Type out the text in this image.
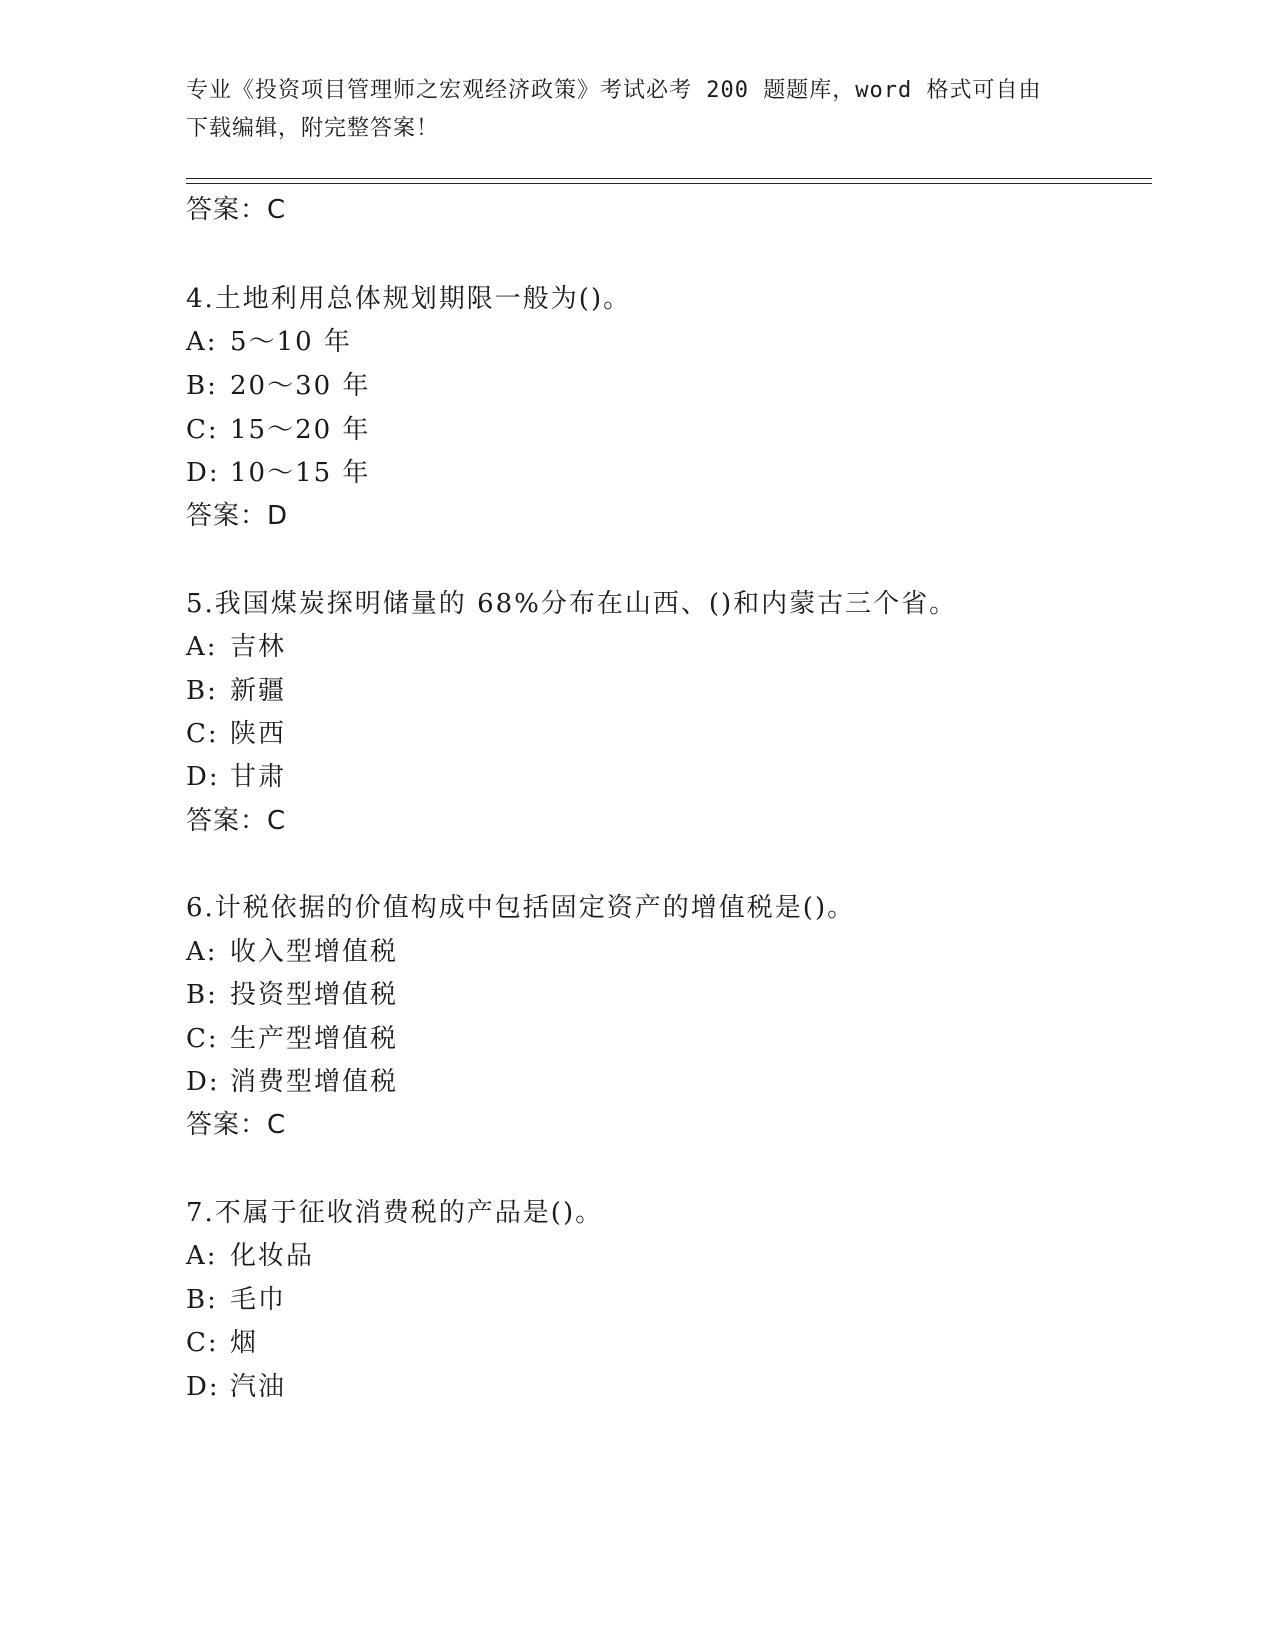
专业《投资项目管理师之宏观经济政策》考试必考 200 题题库，word 格式可自由
下载编辑，附完整答案！
答案：C
4.土地利用总体规划期限一般为()。
A: 5～10 年
B: 20～30 年
C: 15～20 年
D: 10～15 年
答案：D
5.我国煤炭探明储量的 68%分布在山西、()和内蒙古三个省。
A: 吉林
B: 新疆
C: 陕西
D: 甘肃
答案：C
6.计税依据的价值构成中包括固定资产的增值税是()。
A: 收入型增值税
B: 投资型增值税
C: 生产型增值税
D: 消费型增值税
答案：C
7.不属于征收消费税的产品是()。
A: 化妆品
B: 毛巾
C: 烟
D: 汽油
